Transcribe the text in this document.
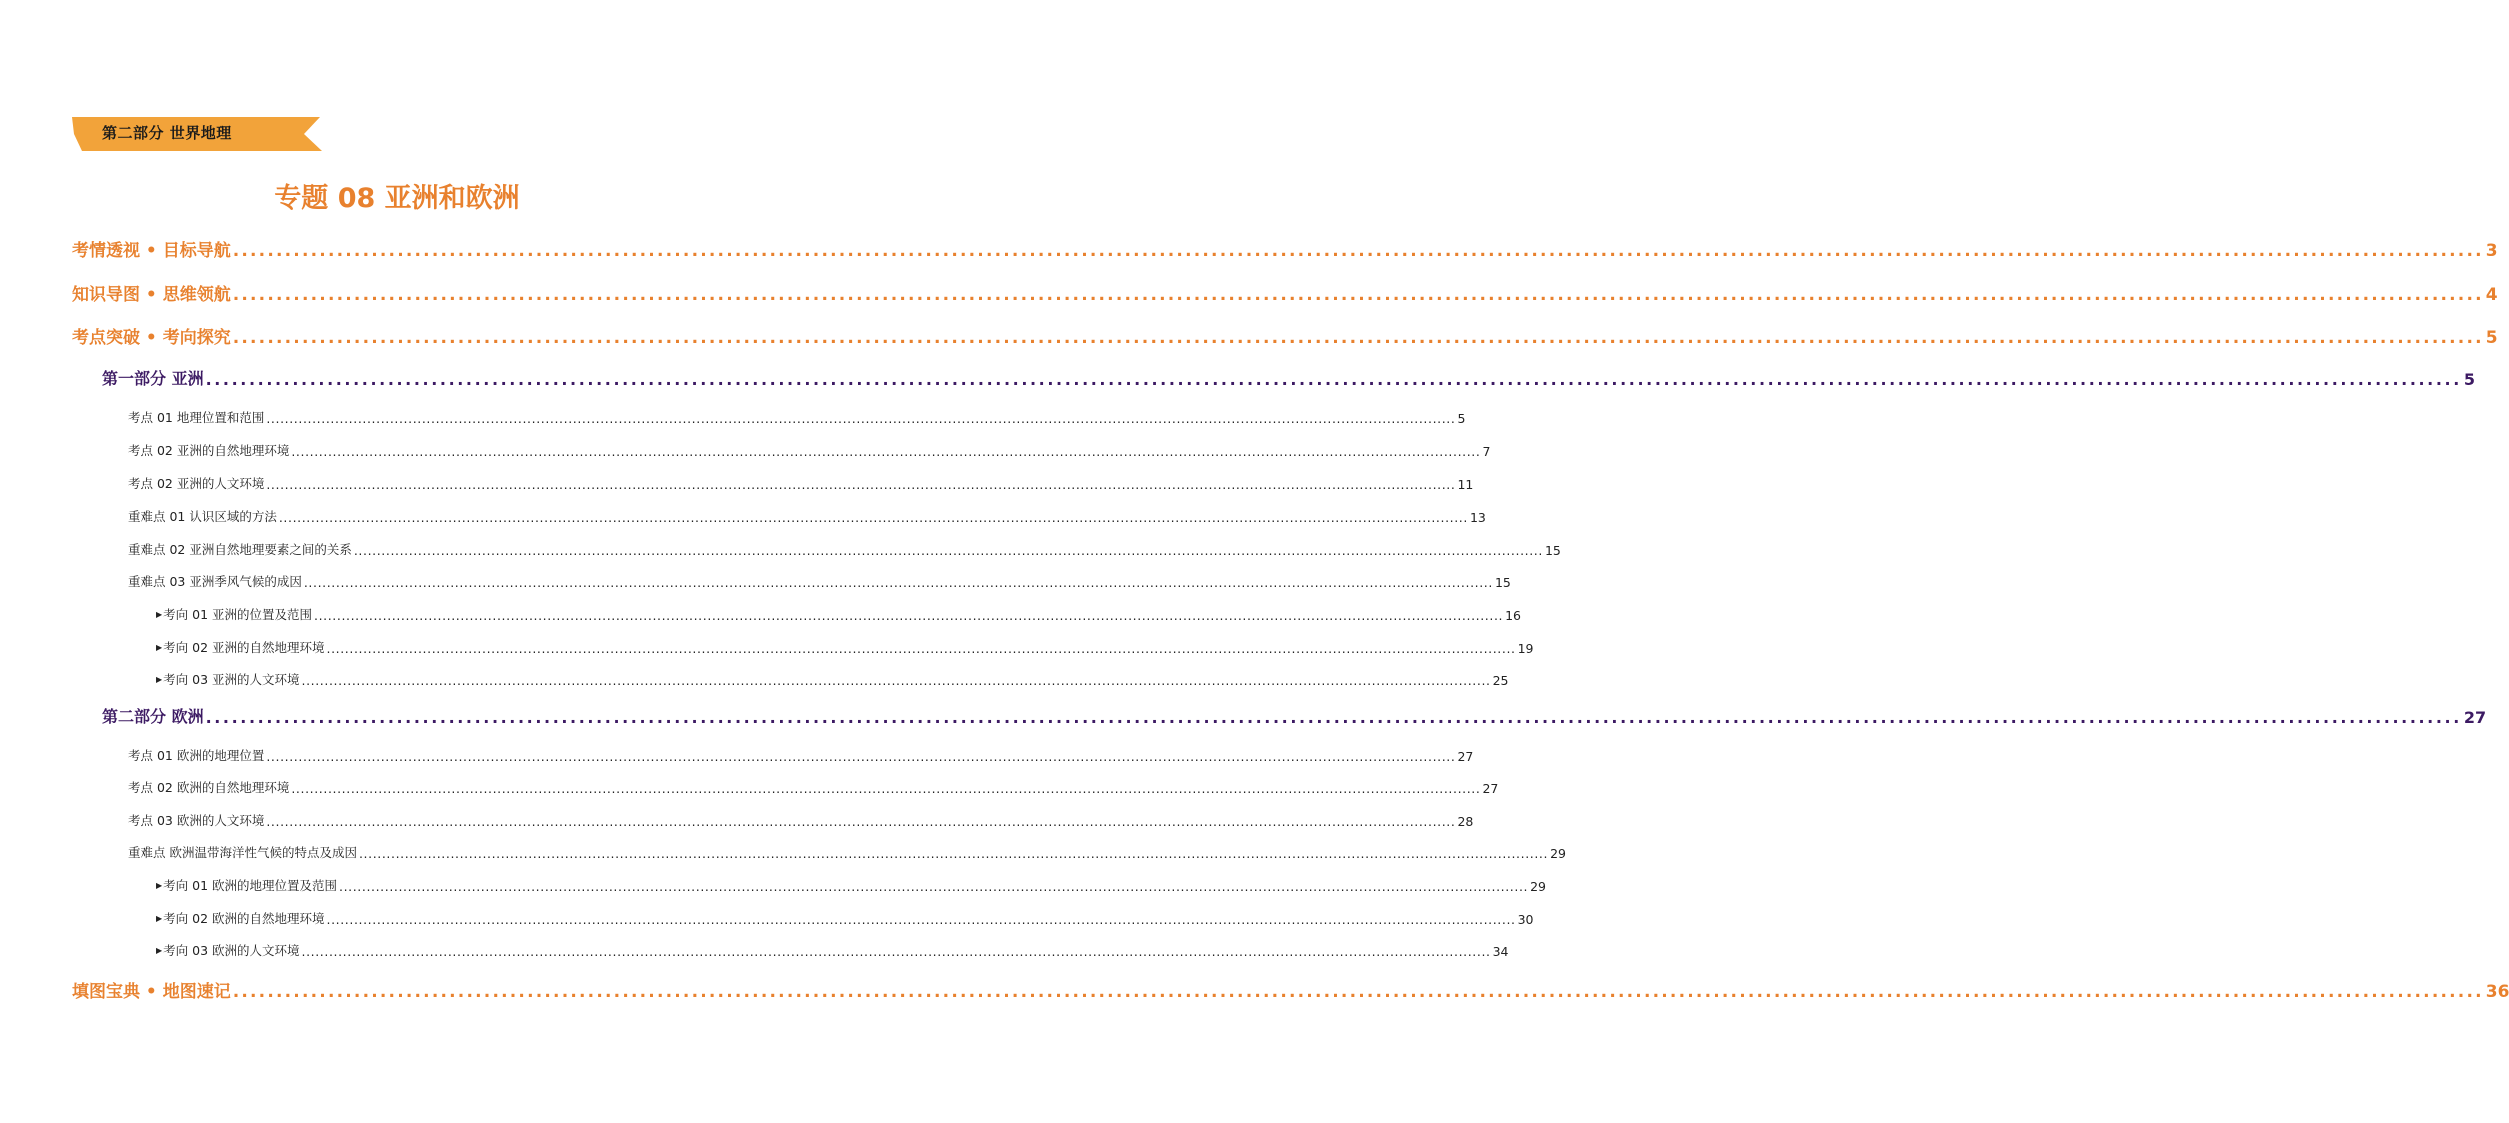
第二部分 世界地理
专题 08 亚洲和欧洲
考情透视 • 目标导航 .................................................................................................................................................................................................................................................................... 3
知识导图 • 思维领航 .................................................................................................................................................................................................................................................................... 4
考点突破 • 考向探究 .................................................................................................................................................................................................................................................................... 5
第一部分 亚洲 .................................................................................................................................................................................................................................................................... 5
考点 01 地理位置和范围 .................................................................................................................................................................................................................................................................... 5
考点 02 亚洲的自然地理环境 .................................................................................................................................................................................................................................................................... 7
考点 02 亚洲的人文环境 .................................................................................................................................................................................................................................................................... 11
重难点 01 认识区域的方法 .................................................................................................................................................................................................................................................................... 13
重难点 02 亚洲自然地理要素之间的关系 .................................................................................................................................................................................................................................................................... 15
重难点 03 亚洲季风气候的成因 .................................................................................................................................................................................................................................................................... 15
▶考向 01 亚洲的位置及范围 .................................................................................................................................................................................................................................................................... 16
▶考向 02 亚洲的自然地理环境 .................................................................................................................................................................................................................................................................... 19
▶考向 03 亚洲的人文环境 .................................................................................................................................................................................................................................................................... 25
第二部分 欧洲 .................................................................................................................................................................................................................................................................... 27
考点 01 欧洲的地理位置 .................................................................................................................................................................................................................................................................... 27
考点 02 欧洲的自然地理环境 .................................................................................................................................................................................................................................................................... 27
考点 03 欧洲的人文环境 .................................................................................................................................................................................................................................................................... 28
重难点 欧洲温带海洋性气候的特点及成因 .................................................................................................................................................................................................................................................................... 29
▶考向 01 欧洲的地理位置及范围 .................................................................................................................................................................................................................................................................... 29
▶考向 02 欧洲的自然地理环境 .................................................................................................................................................................................................................................................................... 30
▶考向 03 欧洲的人文环境 .................................................................................................................................................................................................................................................................... 34
填图宝典 • 地图速记 .................................................................................................................................................................................................................................................................... 36
